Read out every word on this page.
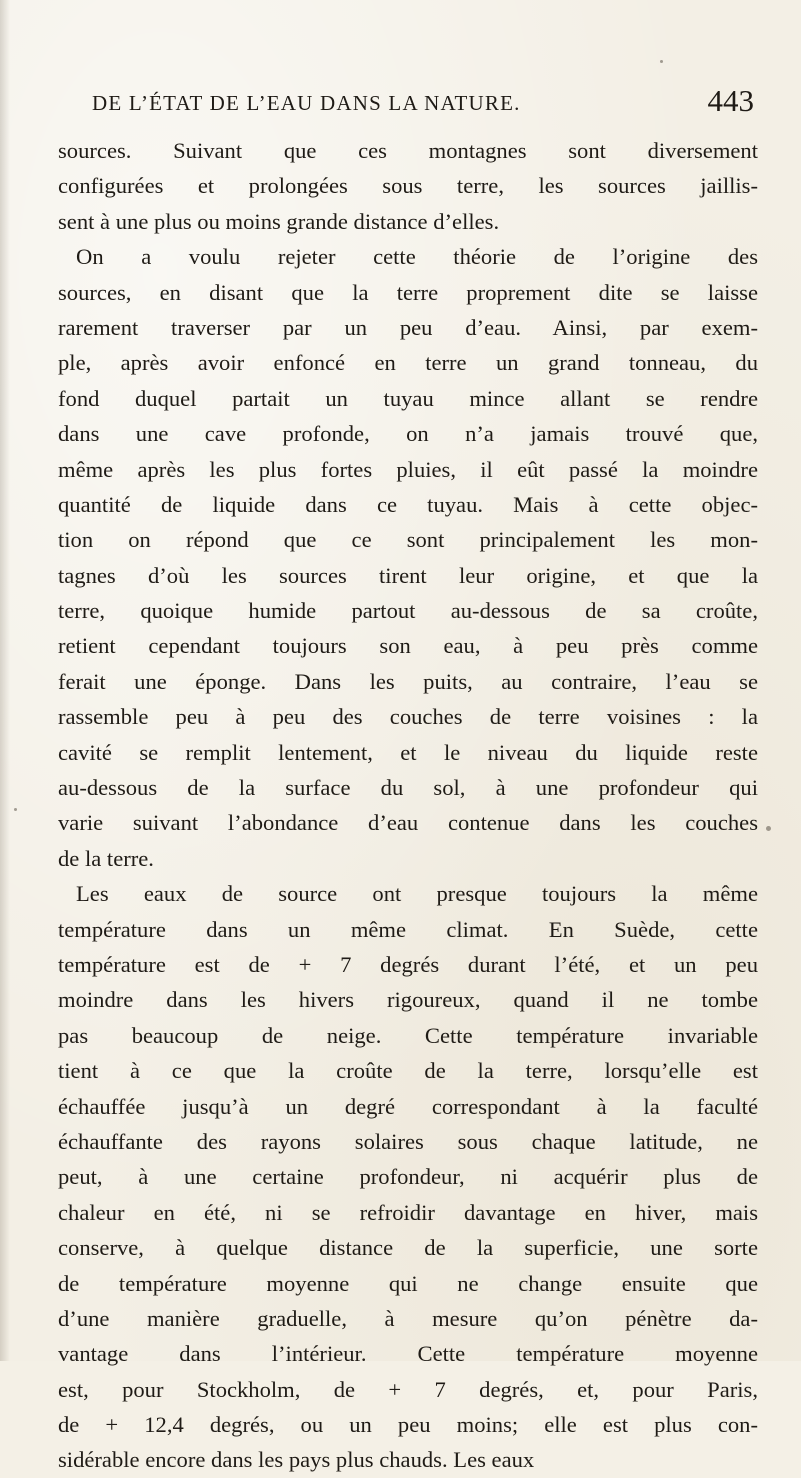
DE L’ÉTAT DE L’EAU DANS LA NATURE.	443
sources. Suivant que ces montagnes sont diversement
configurées et prolongées sous terre, les sources jaillis-
sent à une plus ou moins grande distance d’elles.
On a voulu rejeter cette théorie de l’origine des
sources, en disant que la terre proprement dite se laisse
rarement traverser par un peu d’eau. Ainsi, par exem-
ple, après avoir enfoncé en terre un grand tonneau, du
fond duquel partait un tuyau mince allant se rendre
dans une cave profonde, on n’a jamais trouvé que,
même après les plus fortes pluies, il eût passé la moindre
quantité de liquide dans ce tuyau. Mais à cette objec-
tion on répond que ce sont principalement les mon-
tagnes d’où les sources tirent leur origine, et que la
terre, quoique humide partout au-dessous de sa croûte,
retient cependant toujours son eau, à peu près comme
ferait une éponge. Dans les puits, au contraire, l’eau se
rassemble peu à peu des couches de terre voisines : la
cavité se remplit lentement, et le niveau du liquide reste
au-dessous de la surface du sol, à une profondeur qui
varie suivant l’abondance d’eau contenue dans les couches
de la terre.
Les eaux de source ont presque toujours la même
température dans un même climat. En Suède, cette
température est de + 7 degrés durant l’été, et un peu
moindre dans les hivers rigoureux, quand il ne tombe
pas beaucoup de neige. Cette température invariable
tient à ce que la croûte de la terre, lorsqu’elle est
échauffée jusqu’à un degré correspondant à la faculté
échauffante des rayons solaires sous chaque latitude, ne
peut, à une certaine profondeur, ni acquérir plus de
chaleur en été, ni se refroidir davantage en hiver, mais
conserve, à quelque distance de la superficie, une sorte
de température moyenne qui ne change ensuite que
d’une manière graduelle, à mesure qu’on pénètre da-
vantage dans l’intérieur. Cette température moyenne
est, pour Stockholm, de + 7 degrés, et, pour Paris,
de + 12,4 degrés, ou un peu moins; elle est plus con-
sidérable encore dans les pays plus chauds. Les eaux
